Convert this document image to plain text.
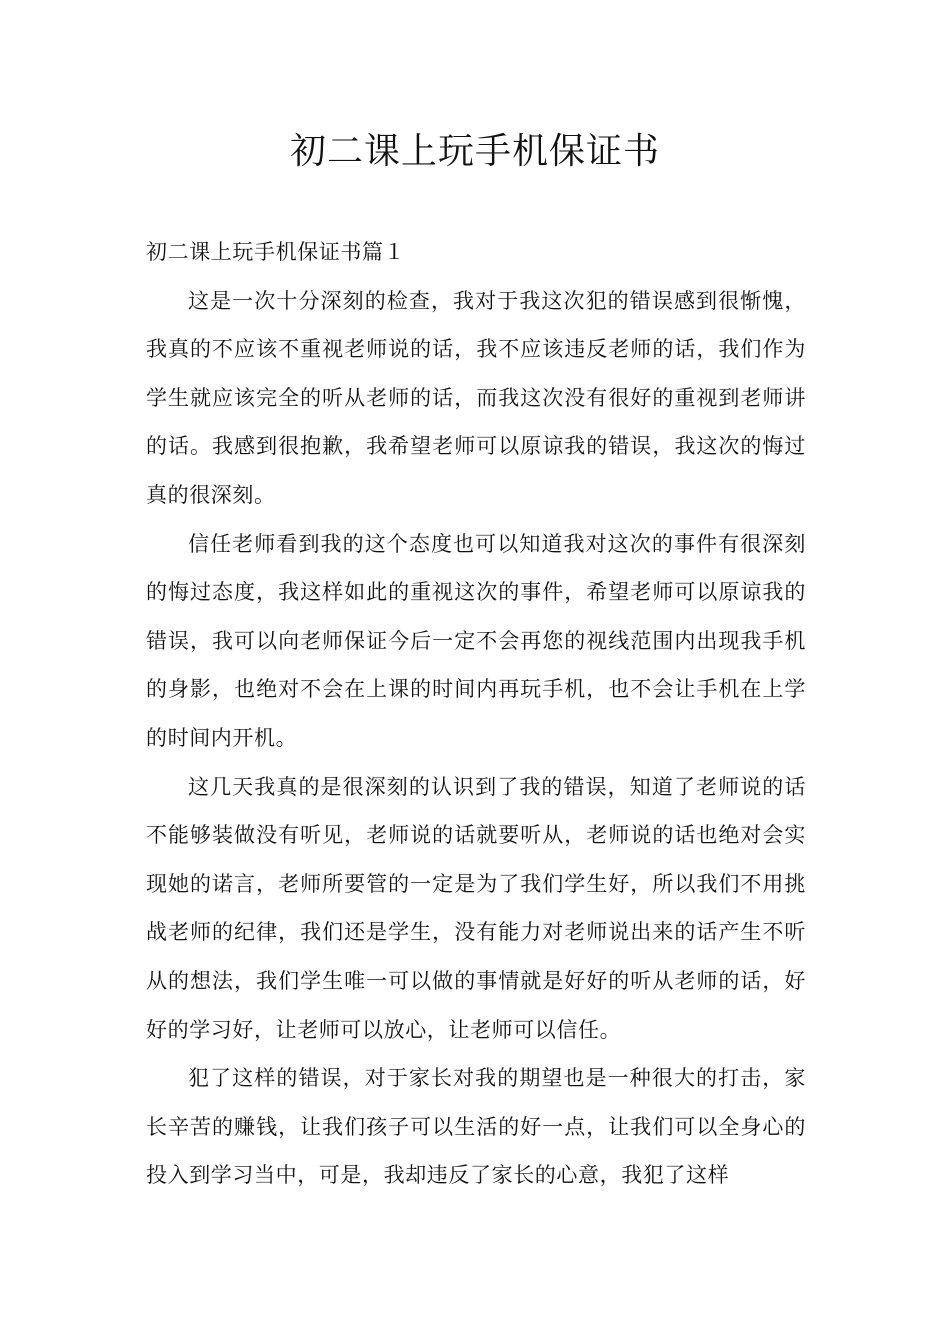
初二课上玩手机保证书

初二课上玩手机保证书篇１

这是一次十分深刻的检查，我对于我这次犯的错误感到很惭愧，我真的不应该不重视老师说的话，我不应该违反老师的话，我们作为学生就应该完全的听从老师的话，而我这次没有很好的重视到老师讲的话。我感到很抱歉，我希望老师可以原谅我的错误，我这次的悔过真的很深刻。

信任老师看到我的这个态度也可以知道我对这次的事件有很深刻的悔过态度，我这样如此的重视这次的事件，希望老师可以原谅我的错误，我可以向老师保证今后一定不会再您的视线范围内出现我手机的身影，也绝对不会在上课的时间内再玩手机，也不会让手机在上学的时间内开机。

这几天我真的是很深刻的认识到了我的错误，知道了老师说的话不能够装做没有听见，老师说的话就要听从，老师说的话也绝对会实现她的诺言，老师所要管的一定是为了我们学生好，所以我们不用挑战老师的纪律，我们还是学生，没有能力对老师说出来的话产生不听从的想法，我们学生唯一可以做的事情就是好好的听从老师的话，好好的学习好，让老师可以放心，让老师可以信任。

犯了这样的错误，对于家长对我的期望也是一种很大的打击，家长辛苦的赚钱，让我们孩子可以生活的好一点，让我们可以全身心的投入到学习当中，可是，我却违反了家长的心意，我犯了这样
